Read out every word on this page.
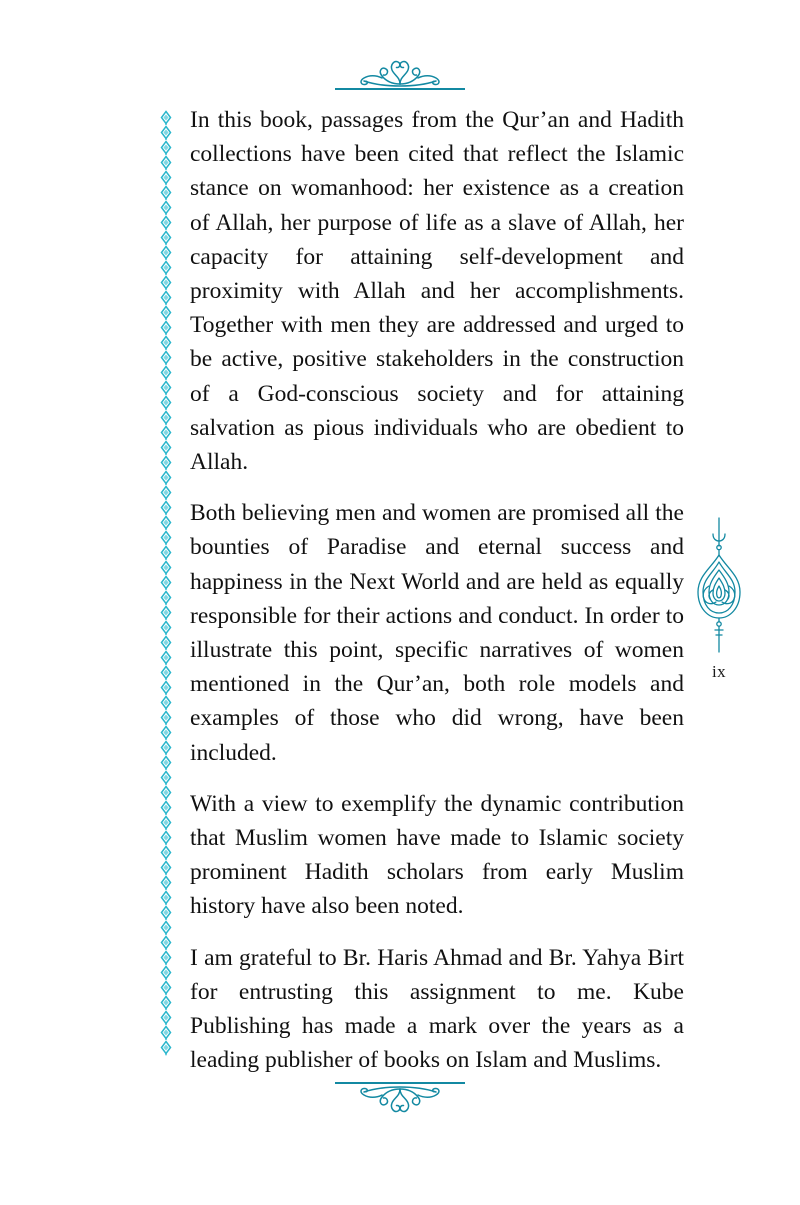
In this book, passages from the Qur’an and Hadith collections have been cited that reflect the Islamic stance on womanhood: her existence as a creation of Allah, her purpose of life as a slave of Allah, her capacity for attaining self-development and proximity with Allah and her accomplishments. Together with men they are addressed and urged to be active, positive stakeholders in the construction of a God-conscious society and for attaining salvation as pious individuals who are obedient to Allah.

Both believing men and women are promised all the bounties of Paradise and eternal success and happiness in the Next World and are held as equally responsible for their actions and conduct. In order to illustrate this point, specific narratives of women mentioned in the Qur’an, both role models and examples of those who did wrong, have been included.

With a view to exemplify the dynamic contribution that Muslim women have made to Islamic society prominent Hadith scholars from early Muslim history have also been noted.

I am grateful to Br. Haris Ahmad and Br. Yahya Birt for entrusting this assignment to me. Kube Publishing has made a mark over the years as a leading publisher of books on Islam and Muslims.

ix
